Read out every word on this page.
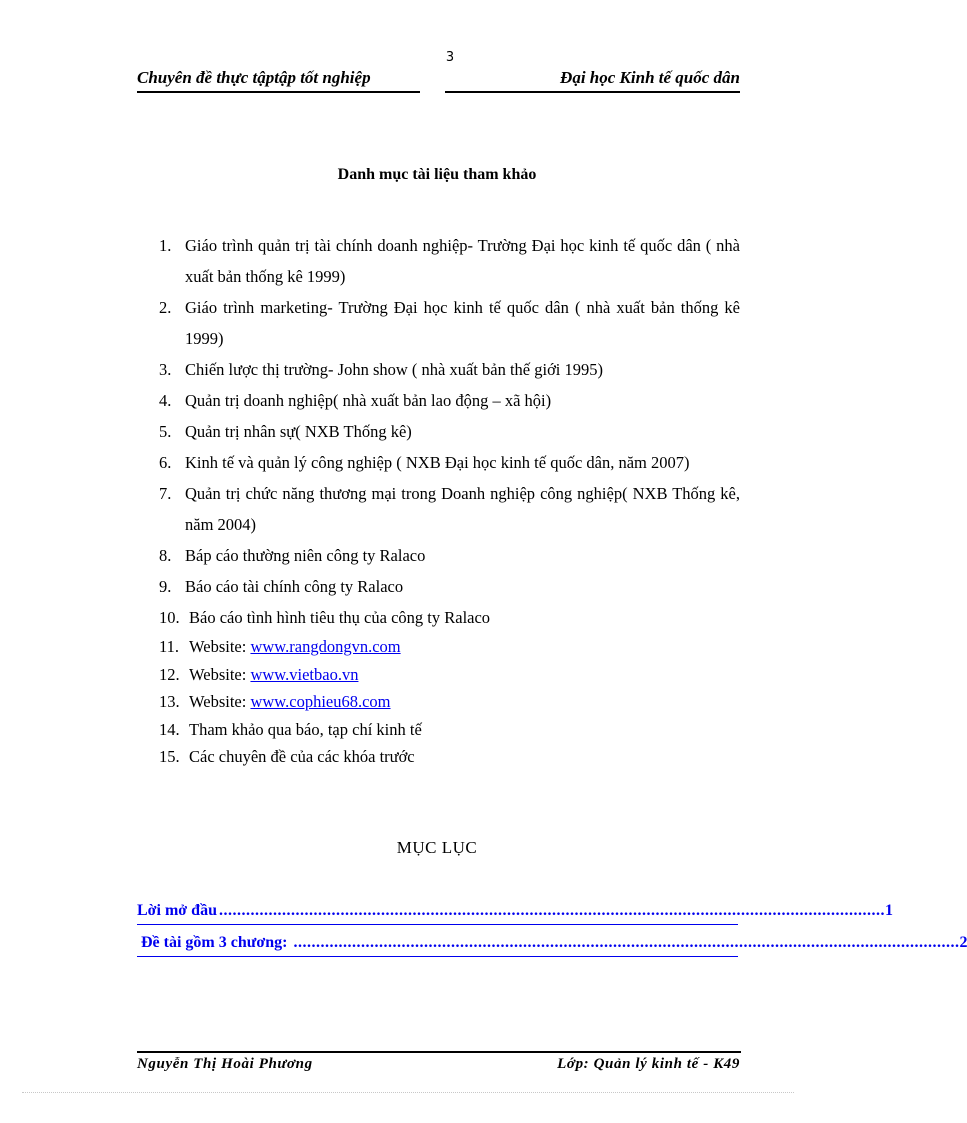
3
Chuyên đề thực tậptập tốt nghiệp	Đại học Kinh tế quốc dân
Danh mục tài liệu tham khảo
1. Giáo trình quản trị tài chính doanh nghiệp- Trường Đại học kinh tế quốc dân ( nhà xuất bản thống kê 1999)
2. Giáo trình marketing- Trường Đại học kinh tế quốc dân ( nhà xuất bản thống kê 1999)
3. Chiến lược thị trường- John show ( nhà xuất bản thế giới 1995)
4. Quản trị doanh nghiệp( nhà xuất bản lao động – xã hội)
5. Quản trị nhân sự( NXB Thống kê)
6. Kinh tế và quản lý công nghiệp ( NXB Đại học kinh tế quốc dân, năm 2007)
7. Quản trị chức năng thương mại trong Doanh nghiệp công nghiệp( NXB Thống kê, năm 2004)
8. Báp cáo thường niên công ty Ralaco
9. Báo cáo tài chính công ty Ralaco
10. Báo cáo tình hình tiêu thụ của công ty Ralaco
11. Website: www.rangdongvn.com
12. Website: www.vietbao.vn
13. Website: www.cophieu68.com
14. Tham khảo qua báo, tạp chí kinh tế
15. Các chuyên đề của các khóa trước
MỤC LỤC
Lời mở đầu .................................................................................................................................................... 1
Đề tài gồm 3 chương: .................................................................................................................................................... 2
Nguyễn Thị Hoài Phương	Lớp: Quản lý kinh tế - K49
